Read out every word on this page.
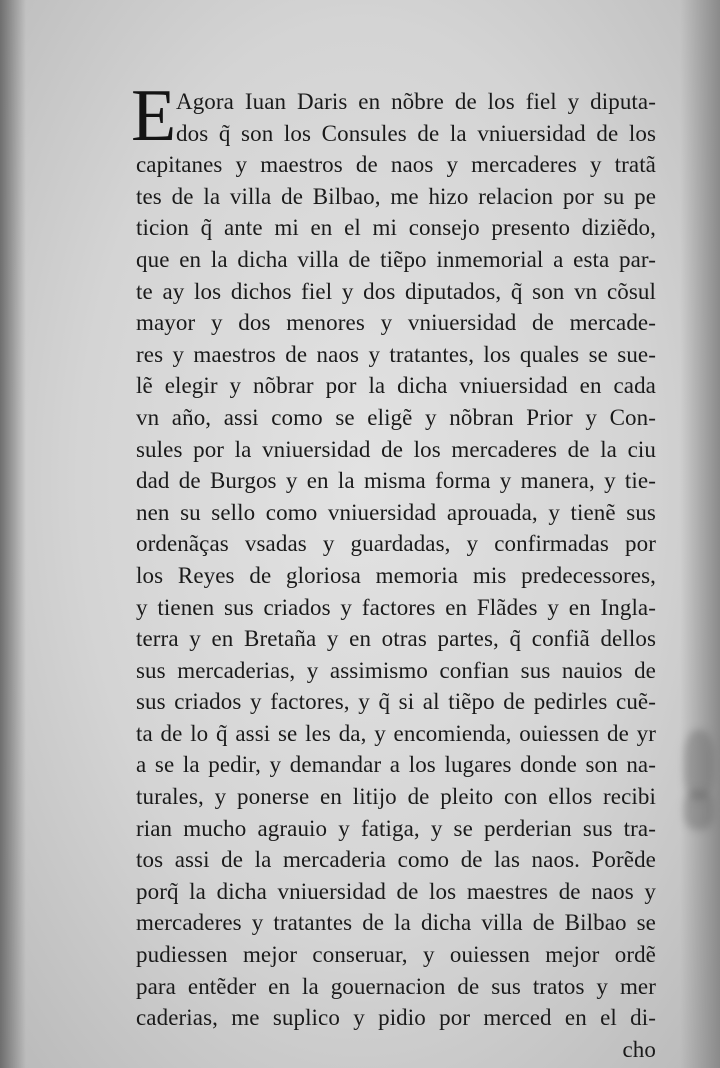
E Agora Iuan Daris en nõbre de los fiel y diputa-
dos q̃ son los Consules de la vniuersidad de los
capitanes y maestros de naos y mercaderes y tratã
tes de la villa de Bilbao, me hizo relacion por su pe
ticion q̃ ante mi en el mi consejo presento diziẽdo,
que en la dicha villa de tiẽpo inmemorial a esta par-
te ay los dichos fiel y dos diputados, q̃ son vn cõsul
mayor y dos menores y vniuersidad de mercade-
res y maestros de naos y tratantes, los quales se sue-
lẽ elegir y nõbrar por la dicha vniuersidad en cada
vn año, assi como se eligẽ y nõbran Prior y Con-
sules por la vniuersidad de los mercaderes de la ciu
dad de Burgos y en la misma forma y manera, y tie-
nen su sello como vniuersidad aprouada, y tienẽ sus
ordenãças vsadas y guardadas, y confirmadas por
los Reyes de gloriosa memoria mis predecessores,
y tienen sus criados y factores en Flãdes y en Ingla-
terra y en Bretaña y en otras partes, q̃ confiã dellos
sus mercaderias, y assimismo confian sus nauios de
sus criados y factores, y q̃ si al tiẽpo de pedirles cuẽ-
ta de lo q̃ assi se les da, y encomienda, ouiessen de yr
a se la pedir, y demandar a los lugares donde son na-
turales, y ponerse en litijo de pleito con ellos recibi
rian mucho agrauio y fatiga, y se perderian sus tra-
tos assi de la mercaderia como de las naos. Porẽde
porq̃ la dicha vniuersidad de los maestres de naos y
mercaderes y tratantes de la dicha villa de Bilbao se
pudiessen mejor conseruar, y ouiessen mejor ordẽ
para entẽder en la gouernacion de sus tratos y mer
caderias, me suplico y pidio por merced en el di-
cho
